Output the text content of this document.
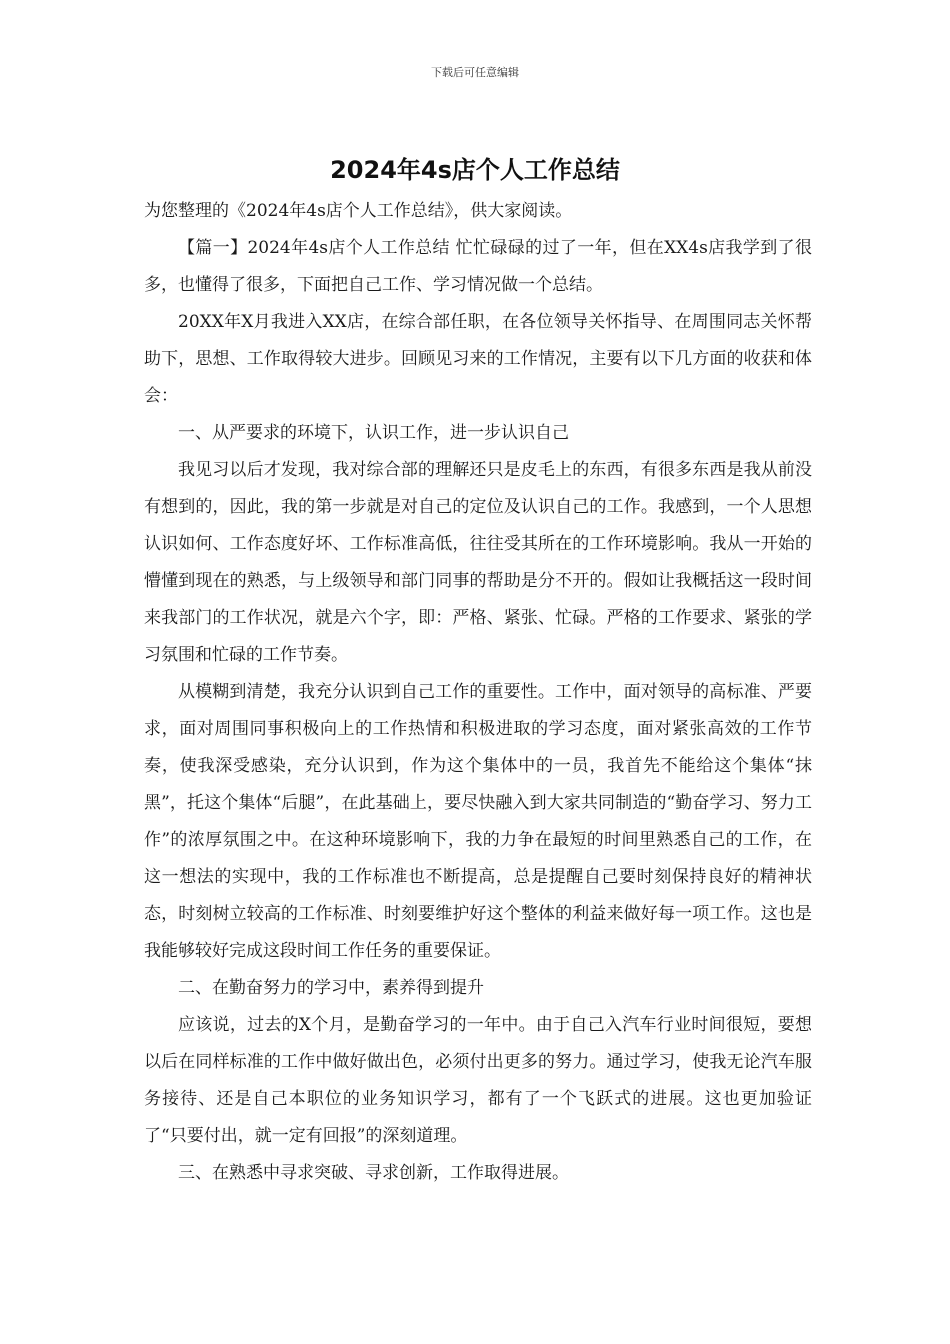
下载后可任意编辑
2024年4s店个人工作总结

为您整理的《2024年4s店个人工作总结》，供大家阅读。

【篇一】2024年4s店个人工作总结 忙忙碌碌的过了一年，但在XX4s店我学到了很多，也懂得了很多，下面把自己工作、学习情况做一个总结。

20XX年X月我进入XX店，在综合部任职，在各位领导关怀指导、在周围同志关怀帮助下，思想、工作取得较大进步。回顾见习来的工作情况，主要有以下几方面的收获和体会：

一、从严要求的环境下，认识工作，进一步认识自己

我见习以后才发现，我对综合部的理解还只是皮毛上的东西，有很多东西是我从前没有想到的，因此，我的第一步就是对自己的定位及认识自己的工作。我感到，一个人思想认识如何、工作态度好坏、工作标准高低，往往受其所在的工作环境影响。我从一开始的懵懂到现在的熟悉，与上级领导和部门同事的帮助是分不开的。假如让我概括这一段时间来我部门的工作状况，就是六个字，即：严格、紧张、忙碌。严格的工作要求、紧张的学习氛围和忙碌的工作节奏。

从模糊到清楚，我充分认识到自己工作的重要性。工作中，面对领导的高标准、严要求，面对周围同事积极向上的工作热情和积极进取的学习态度，面对紧张高效的工作节奏，使我深受感染，充分认识到，作为这个集体中的一员，我首先不能给这个集体“抹黑”，托这个集体“后腿”，在此基础上，要尽快融入到大家共同制造的“勤奋学习、努力工作”的浓厚氛围之中。在这种环境影响下，我的力争在最短的时间里熟悉自己的工作，在这一想法的实现中，我的工作标准也不断提高，总是提醒自己要时刻保持良好的精神状态，时刻树立较高的工作标准、时刻要维护好这个整体的利益来做好每一项工作。这也是我能够较好完成这段时间工作任务的重要保证。

二、在勤奋努力的学习中，素养得到提升

应该说，过去的X个月，是勤奋学习的一年中。由于自己入汽车行业时间很短，要想以后在同样标准的工作中做好做出色，必须付出更多的努力。通过学习，使我无论汽车服务接待、还是自己本职位的业务知识学习，都有了一个飞跃式的进展。这也更加验证了“只要付出，就一定有回报”的深刻道理。

三、在熟悉中寻求突破、寻求创新，工作取得进展。
